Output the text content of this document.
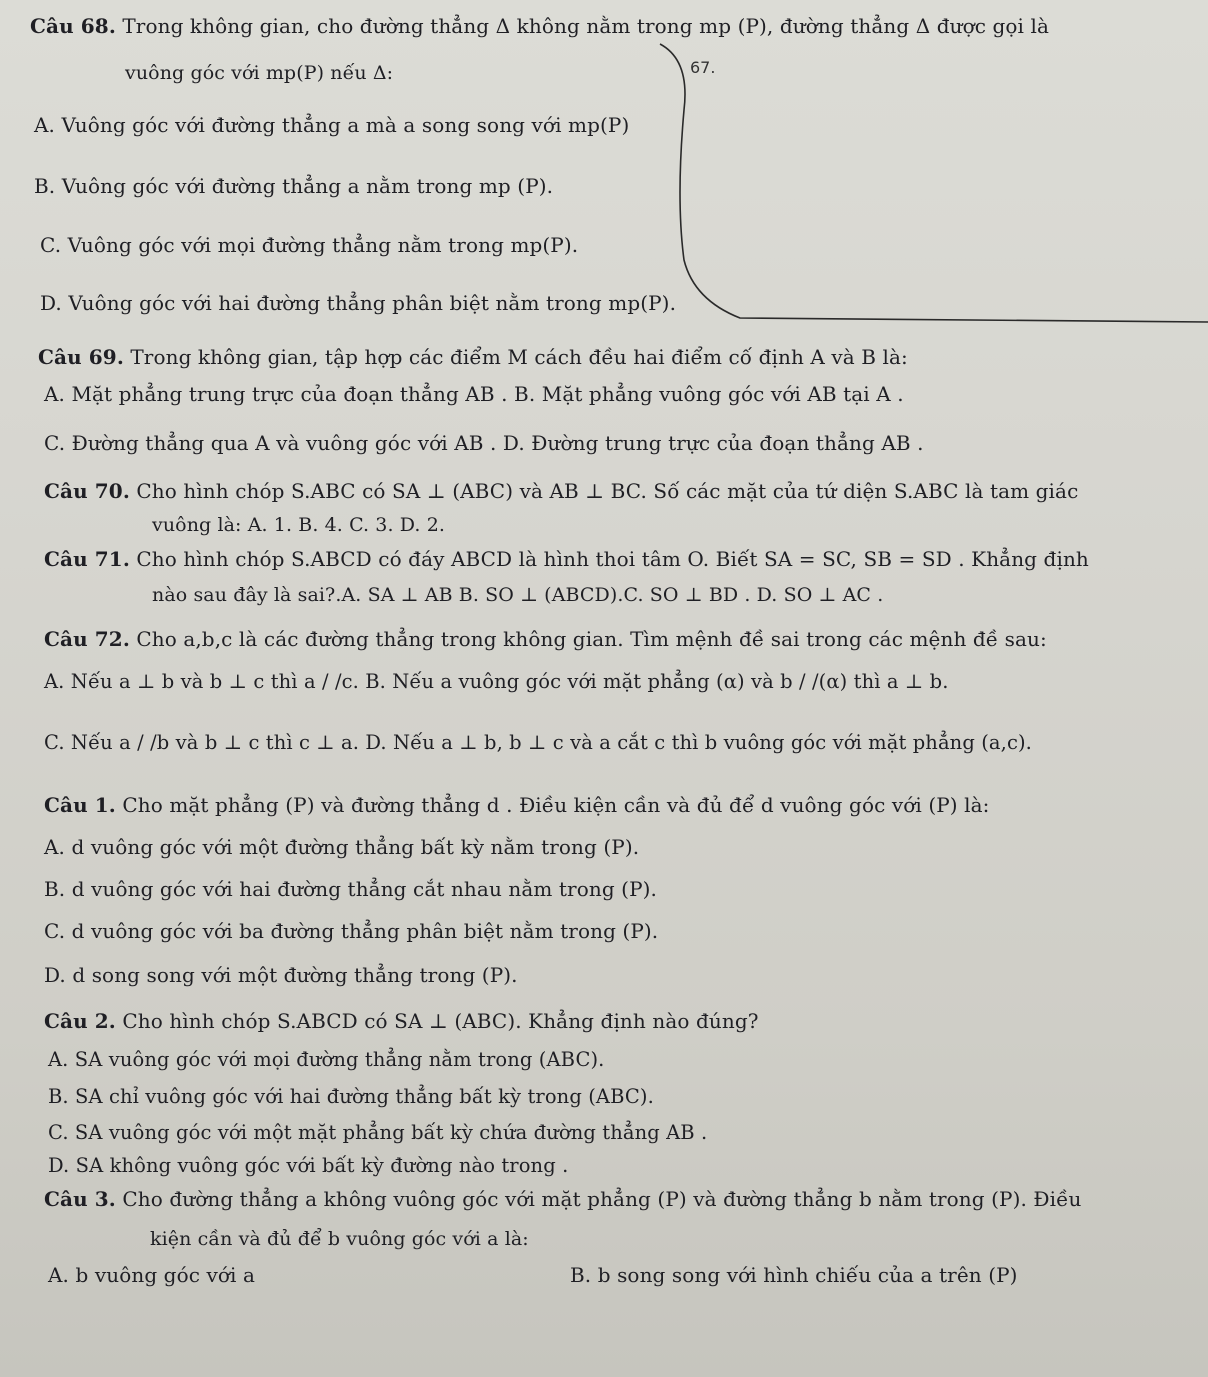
67.
Câu 68. Trong không gian, cho đường thẳng Δ không nằm trong mp (P), đường thẳng Δ được gọi là
vuông góc với mp(P) nếu Δ:
A. Vuông góc với đường thẳng a mà a song song với mp(P)
B. Vuông góc với đường thẳng a nằm trong mp (P).
C. Vuông góc với mọi đường thẳng nằm trong mp(P).
D. Vuông góc với hai đường thẳng phân biệt nằm trong mp(P).
Câu 69. Trong không gian, tập hợp các điểm M cách đều hai điểm cố định A và B là:
A. Mặt phẳng trung trực của đoạn thẳng AB . B. Mặt phẳng vuông góc với AB tại A .
C. Đường thẳng qua A và vuông góc với AB . D. Đường trung trực của đoạn thẳng AB .
Câu 70. Cho hình chóp S.ABC có SA ⊥ (ABC) và AB ⊥ BC. Số các mặt của tứ diện S.ABC là tam giác
vuông là: A. 1. B. 4. C. 3. D. 2.
Câu 71. Cho hình chóp S.ABCD có đáy ABCD là hình thoi tâm O. Biết SA = SC, SB = SD . Khẳng định
nào sau đây là sai?.A. SA ⊥ AB B. SO ⊥ (ABCD).C. SO ⊥ BD . D. SO ⊥ AC .
Câu 72. Cho a,b,c là các đường thẳng trong không gian. Tìm mệnh đề sai trong các mệnh đề sau:
A. Nếu a ⊥ b và b ⊥ c thì a / /c. B. Nếu a vuông góc với mặt phẳng (α) và b / /(α) thì a ⊥ b.
C. Nếu a / /b và b ⊥ c thì c ⊥ a. D. Nếu a ⊥ b, b ⊥ c và a cắt c thì b vuông góc với mặt phẳng (a,c).
Câu 1. Cho mặt phẳng (P) và đường thẳng d . Điều kiện cần và đủ để d vuông góc với (P) là:
A. d vuông góc với một đường thẳng bất kỳ nằm trong (P).
B. d vuông góc với hai đường thẳng cắt nhau nằm trong (P).
C. d vuông góc với ba đường thẳng phân biệt nằm trong (P).
D. d song song với một đường thẳng trong (P).
Câu 2. Cho hình chóp S.ABCD có SA ⊥ (ABC). Khẳng định nào đúng?
A. SA vuông góc với mọi đường thẳng nằm trong (ABC).
B. SA chỉ vuông góc với hai đường thẳng bất kỳ trong (ABC).
C. SA vuông góc với một mặt phẳng bất kỳ chứa đường thẳng AB .
D. SA không vuông góc với bất kỳ đường nào trong .
Câu 3. Cho đường thẳng a không vuông góc với mặt phẳng (P) và đường thẳng b nằm trong (P). Điều
kiện cần và đủ để b vuông góc với a là:
A. b vuông góc với a	B. b song song với hình chiếu của a trên (P)
